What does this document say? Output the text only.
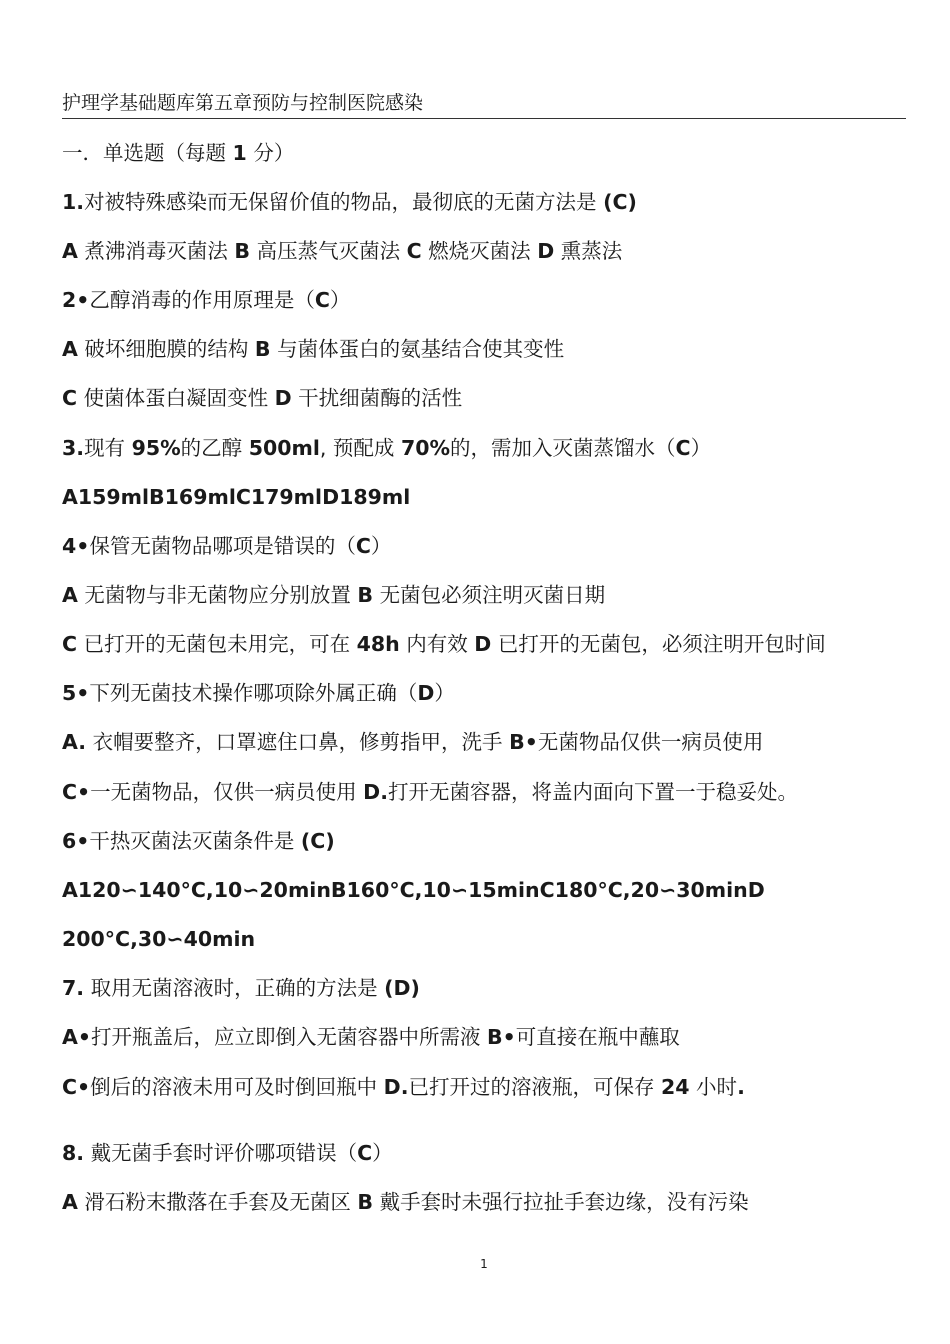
护理学基础题库第五章预防与控制医院感染
一．单选题（每题 1 分）
1.对被特殊感染而无保留价值的物品，最彻底的无菌方法是 (C)
A 煮沸消毒灭菌法 B 高压蒸气灭菌法 C 燃烧灭菌法 D 熏蒸法
2•乙醇消毒的作用原理是（C）
A 破坏细胞膜的结构 B 与菌体蛋白的氨基结合使其变性
C 使菌体蛋白凝固变性 D 干扰细菌酶的活性
3.现有 95%的乙醇 500ml, 预配成 70%的，需加入灭菌蒸馏水（C）
A159mlB169mlC179mlD189ml
4•保管无菌物品哪项是错误的（C）
A 无菌物与非无菌物应分别放置 B 无菌包必须注明灭菌日期
C 已打开的无菌包未用完，可在 48h 内有效 D 已打开的无菌包，必须注明开包时间
5•下列无菌技术操作哪项除外属正确（D）
A. 衣帽要整齐，口罩遮住口鼻，修剪指甲，洗手 B•无菌物品仅供一病员使用
C•一无菌物品，仅供一病员使用 D.打开无菌容器，将盖内面向下置一于稳妥处。
6•干热灭菌法灭菌条件是 (C)
A120∽140°C,10∽20minB160°C,10∽15minC180°C,20∽30minD
200°C,30∽40min
7. 取用无菌溶液时，正确的方法是 (D)
A•打开瓶盖后，应立即倒入无菌容器中所需液 B•可直接在瓶中蘸取
C•倒后的溶液未用可及时倒回瓶中 D.已打开过的溶液瓶，可保存 24 小时.
8. 戴无菌手套时评价哪项错误（C）
A 滑石粉末撒落在手套及无菌区 B 戴手套时未强行拉扯手套边缘，没有污染
1
